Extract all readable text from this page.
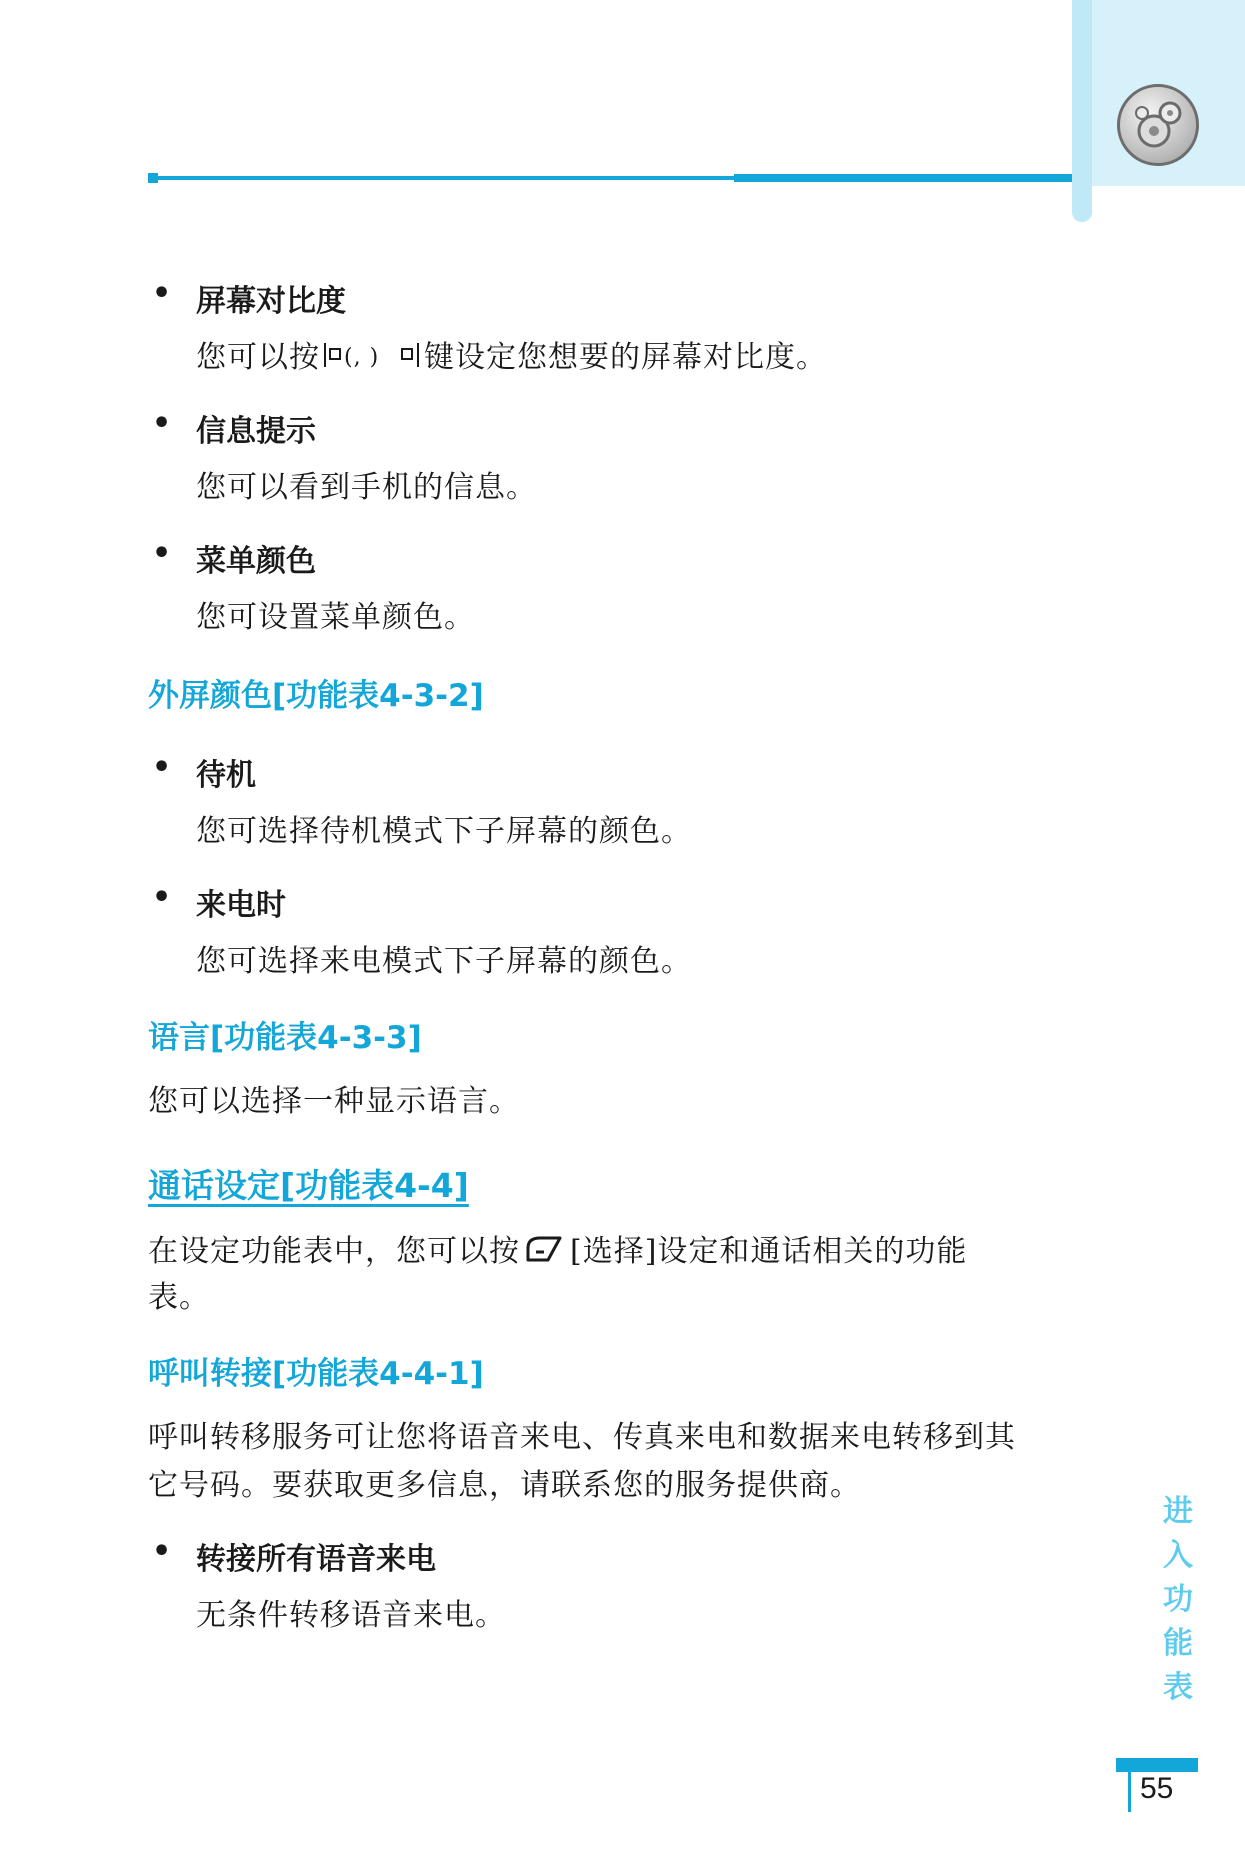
• 屏幕对比度
您可以按 (, ) 键设定您想要的屏幕对比度。
• 信息提示
您可以看到手机的信息。
• 菜单颜色
您可设置菜单颜色。
外屏颜色[功能表4-3-2]
• 待机
您可选择待机模式下子屏幕的颜色。
• 来电时
您可选择来电模式下子屏幕的颜色。
语言[功能表4-3-3]
您可以选择一种显示语言。
通话设定[功能表4-4]
在设定功能表中，您可以按 [选择]设定和通话相关的功能
表。
呼叫转接[功能表4-4-1]
呼叫转移服务可让您将语音来电、传真来电和数据来电转移到其
它号码。要获取更多信息，请联系您的服务提供商。
• 转接所有语音来电
无条件转移语音来电。
进
入
功
能
表
55
